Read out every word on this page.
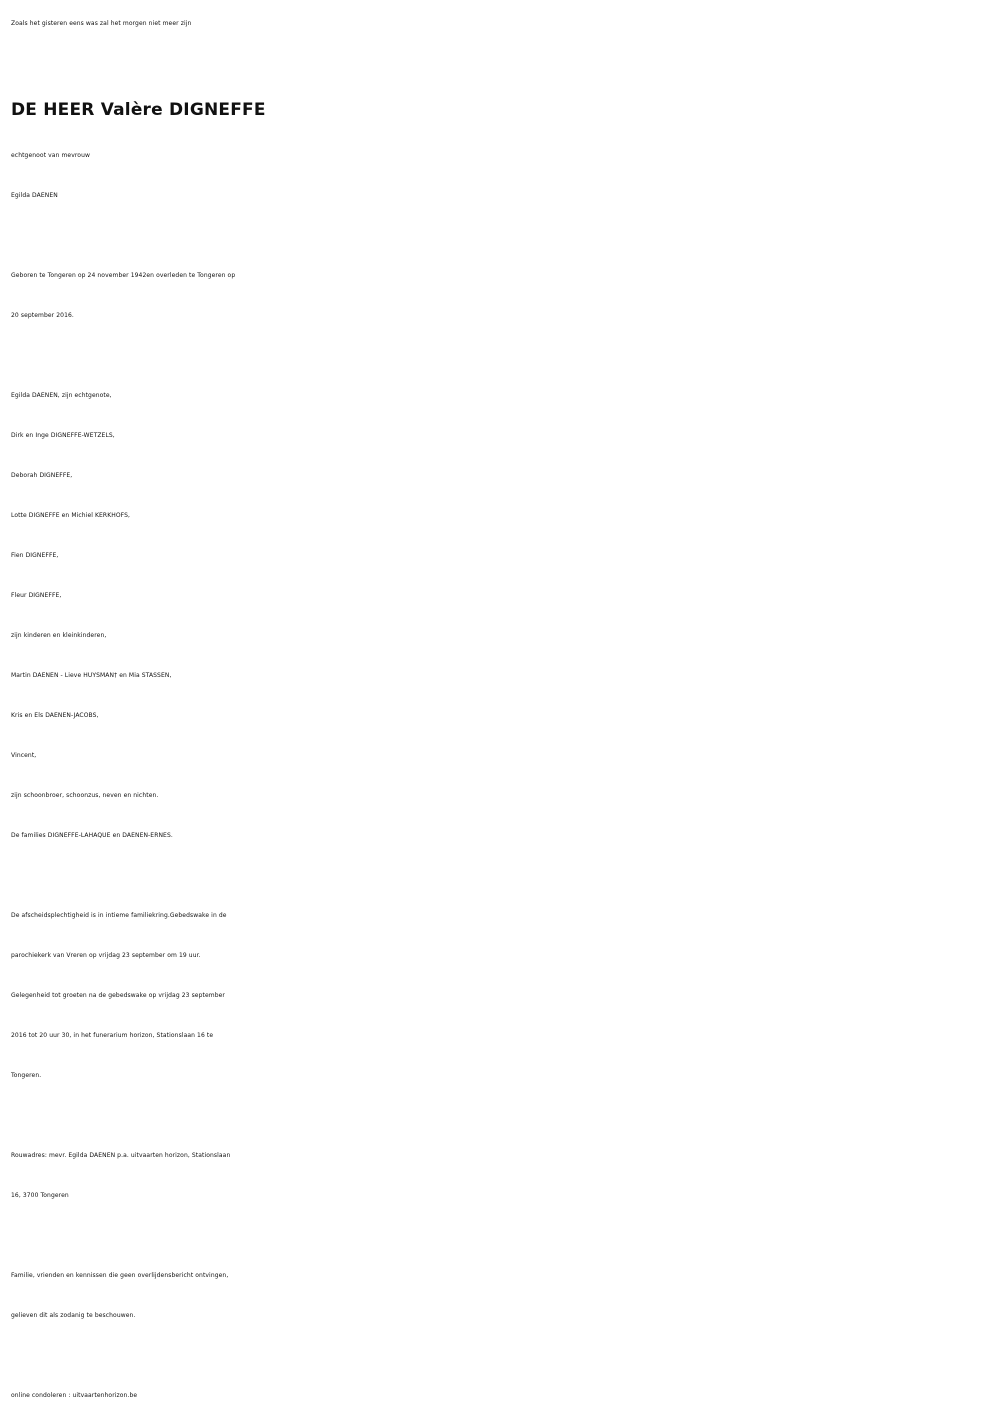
Zoals het gisteren eens was zal het morgen niet meer zijn
DE HEER Valère DIGNEFFE
echtgenoot van mevrouw
Egilda DAENEN
Geboren te Tongeren op 24 november 1942en overleden te Tongeren op
20 september 2016.
Egilda DAENEN, zijn echtgenote,
Dirk en Inge DIGNEFFE-WETZELS,
Deborah DIGNEFFE,
Lotte DIGNEFFE en Michiel KERKHOFS,
Fien DIGNEFFE,
Fleur DIGNEFFE,
zijn kinderen en kleinkinderen,
Martin DAENEN - Lieve HUYSMAN† en Mia STASSEN,
Kris en Els DAENEN-JACOBS,
Vincent,
zijn schoonbroer, schoonzus, neven en nichten.
De families DIGNEFFE-LAHAQUE en DAENEN-ERNES.
De afscheidsplechtigheid is in intieme familiekring.Gebedswake in de
parochiekerk van Vreren op vrijdag 23 september om 19 uur.
Gelegenheid tot groeten na de gebedswake op vrijdag 23 september
2016 tot 20 uur 30, in het funerarium horizon, Stationslaan 16 te
Tongeren.
Rouwadres: mevr. Egilda DAENEN p.a. uitvaarten horizon, Stationslaan
16, 3700 Tongeren
Familie, vrienden en kennissen die geen overlijdensbericht ontvingen,
gelieven dit als zodanig te beschouwen.
online condoleren : uitvaartenhorizon.be
